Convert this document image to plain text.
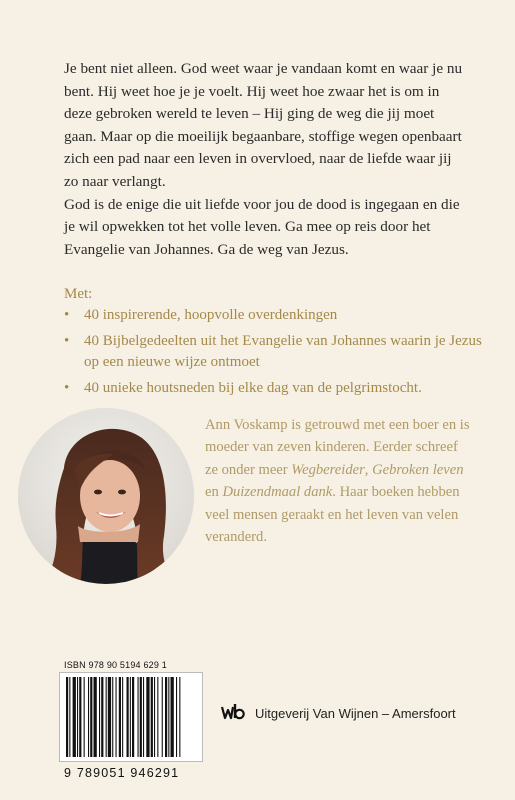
Je bent niet alleen. God weet waar je vandaan komt en waar je nu bent. Hij weet hoe je je voelt. Hij weet hoe zwaar het is om in deze gebroken wereld te leven – Hij ging de weg die jij moet gaan. Maar op die moeilijk begaanbare, stoffige wegen openbaart zich een pad naar een leven in overvloed, naar de liefde waar jij zo naar verlangt.

God is de enige die uit liefde voor jou de dood is ingegaan en die je wil opwekken tot het volle leven. Ga mee op reis door het Evangelie van Johannes. Ga de weg van Jezus.

Met:
• 40 inspirerende, hoopvolle overdenkingen
• 40 Bijbelgedeelten uit het Evangelie van Johannes waarin je Jezus op een nieuwe wijze ontmoet
• 40 unieke houtsneden bij elke dag van de pelgrimstocht.

Ann Voskamp is getrouwd met een boer en is moeder van zeven kinderen. Eerder schreef ze onder meer Wegbereider, Gebroken leven en Duizendmaal dank. Haar boeken hebben veel mensen geraakt en het leven van velen veranderd.

ISBN 978 90 5194 629 1
9 789051 946291
Uitgeverij Van Wijnen – Amersfoort
